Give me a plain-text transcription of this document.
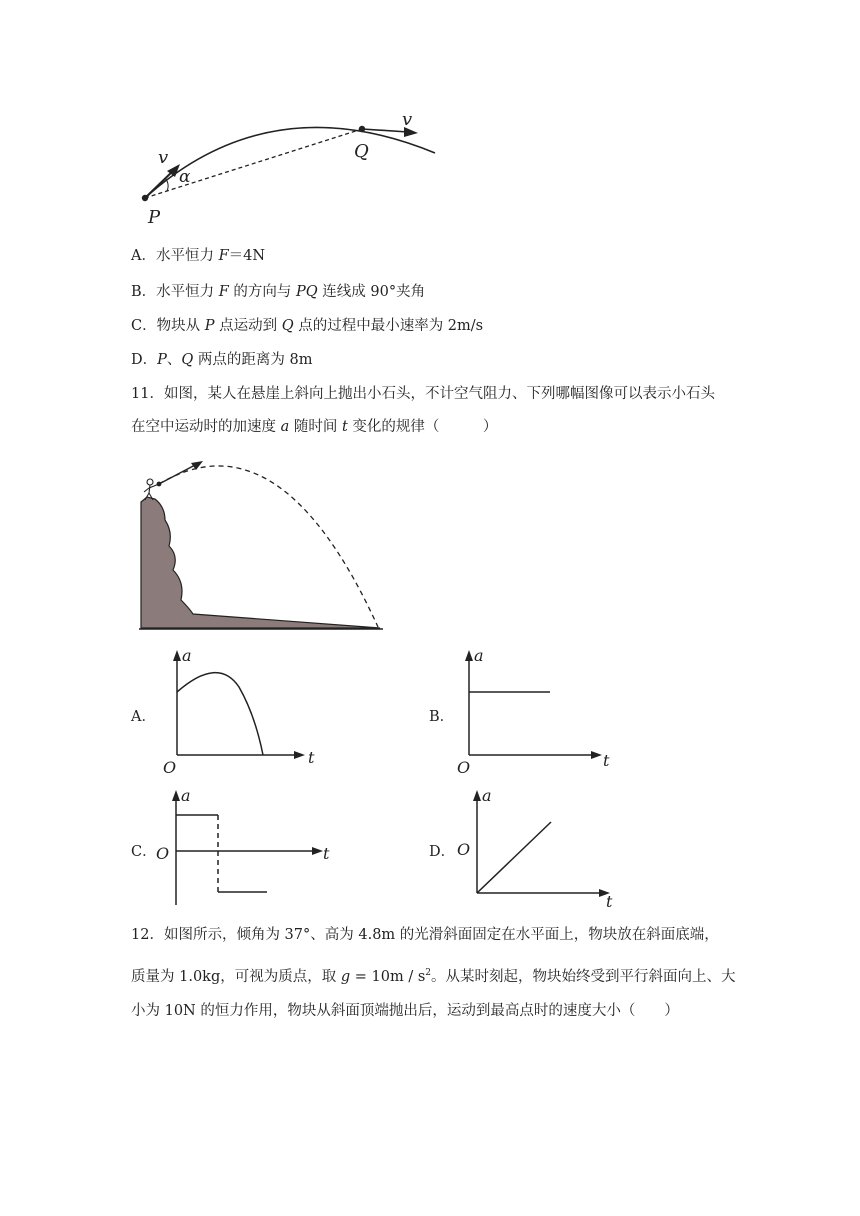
v
α
v
P
Q
A．水平恒力 F＝4N
B．水平恒力 F 的方向与 PQ 连线成 90°夹角
C．物块从 P 点运动到 Q 点的过程中最小速率为 2m/s
D．P、Q 两点的距离为 8m
11．如图，某人在悬崖上斜向上抛出小石头，不计空气阻力、下列哪幅图像可以表示小石头
在空中运动时的加速度 a 随时间 t 变化的规律（　　　）
A．
a
t
O
B．
a
t
O
C．
a
t
O	D．
a
t
O
12．如图所示，倾角为 37°、高为 4.8m 的光滑斜面固定在水平面上，物块放在斜面底端，
质量为 1.0kg，可视为质点，取 $g = 10m / s^2$。从某时刻起，物块始终受到平行斜面向上、大
小为 10N 的恒力作用，物块从斜面顶端抛出后，运动到最高点时的速度大小（　　）
